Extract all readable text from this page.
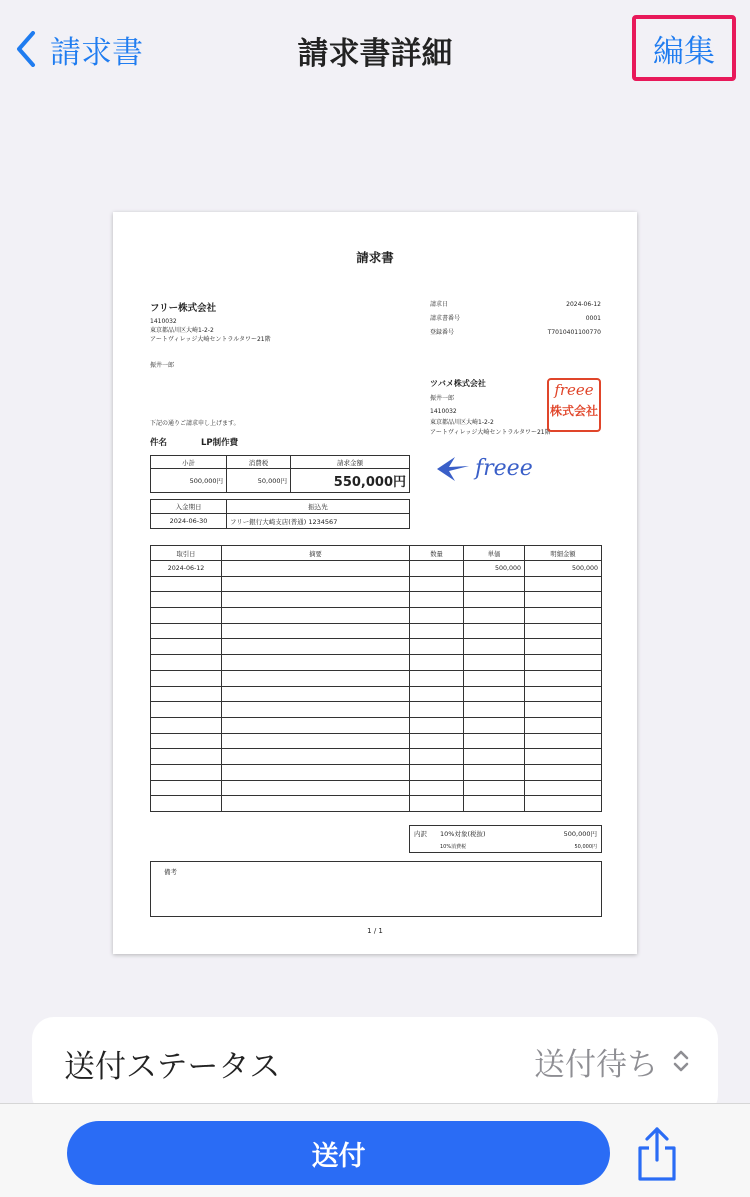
請求書	請求書詳細	編集
請求書
フリー株式会社
1410032
東京都品川区大崎1-2-2
アートヴィレッジ大崎セントラルタワー21階
振井一郎
請求日	2024-06-12
請求書番号	0001
登録番号	T7010401100770
ツバメ株式会社
振井一郎
1410032
東京都品川区大崎1-2-2
アートヴィレッジ大崎セントラルタワー21階
freee
株式会社
freee
下記の通りご請求申し上げます。
件名	LP制作費
小計	消費税	請求金額
500,000円	50,000円	550,000円
入金期日	振込先
2024-06-30	フリー銀行大崎支店(普通) 1234567
取引日	摘要	数量	単価	明細金額
2024-06-12			500,000	500,000

内訳 10%対象(税抜)	500,000円
10%消費税	50,000円
備考
1 / 1
送付ステータス	送付待ち
送付
